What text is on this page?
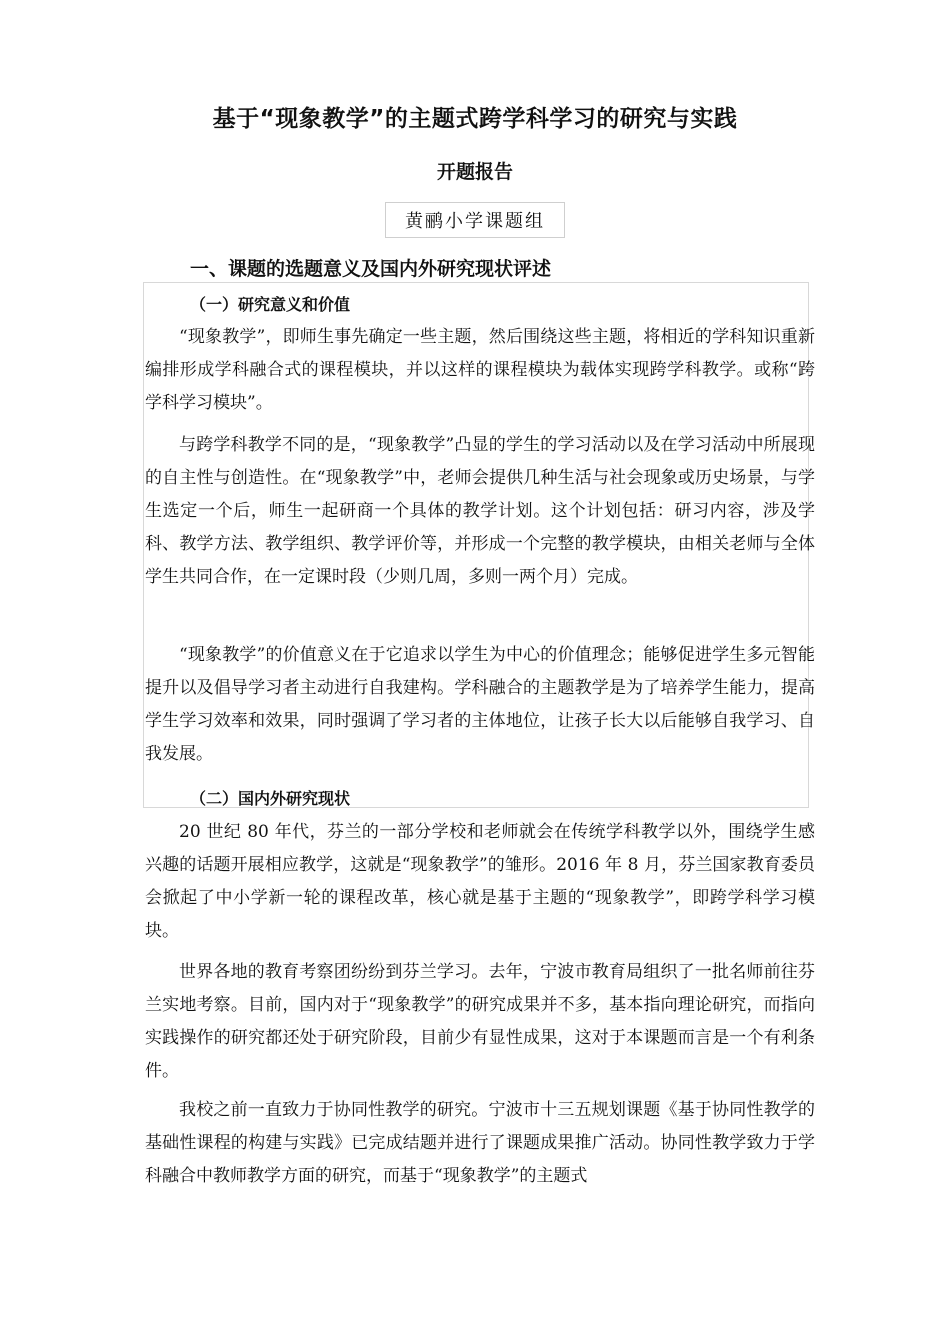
基于“现象教学”的主题式跨学科学习的研究与实践
开题报告
黄鹂小学课题组
一、课题的选题意义及国内外研究现状评述
（一）研究意义和价值

“现象教学”，即师生事先确定一些主题，然后围绕这些主题，将相近的学科知识重新编排形成学科融合式的课程模块，并以这样的课程模块为载体实现跨学科教学。或称“跨学科学习模块”。

与跨学科教学不同的是，“现象教学”凸显的学生的学习活动以及在学习活动中所展现的自主性与创造性。在“现象教学”中，老师会提供几种生活与社会现象或历史场景，与学生选定一个后，师生一起研商一个具体的教学计划。这个计划包括：研习内容，涉及学科、教学方法、教学组织、教学评价等，并形成一个完整的教学模块，由相关老师与全体学生共同合作，在一定课时段（少则几周，多则一两个月）完成。

“现象教学”的价值意义在于它追求以学生为中心的价值理念；能够促进学生多元智能提升以及倡导学习者主动进行自我建构。学科融合的主题教学是为了培养学生能力，提高学生学习效率和效果，同时强调了学习者的主体地位，让孩子长大以后能够自我学习、自我发展。

（二）国内外研究现状

20 世纪 80 年代，芬兰的一部分学校和老师就会在传统学科教学以外，围绕学生感兴趣的话题开展相应教学，这就是“现象教学”的雏形。2016 年 8 月，芬兰国家教育委员会掀起了中小学新一轮的课程改革，核心就是基于主题的“现象教学”，即跨学科学习模块。

世界各地的教育考察团纷纷到芬兰学习。去年，宁波市教育局组织了一批名师前往芬兰实地考察。目前，国内对于“现象教学”的研究成果并不多，基本指向理论研究，而指向实践操作的研究都还处于研究阶段，目前少有显性成果，这对于本课题而言是一个有利条件。

我校之前一直致力于协同性教学的研究。宁波市十三五规划课题《基于协同性教学的基础性课程的构建与实践》已完成结题并进行了课题成果推广活动。协同性教学致力于学科融合中教师教学方面的研究，而基于“现象教学”的主题式
